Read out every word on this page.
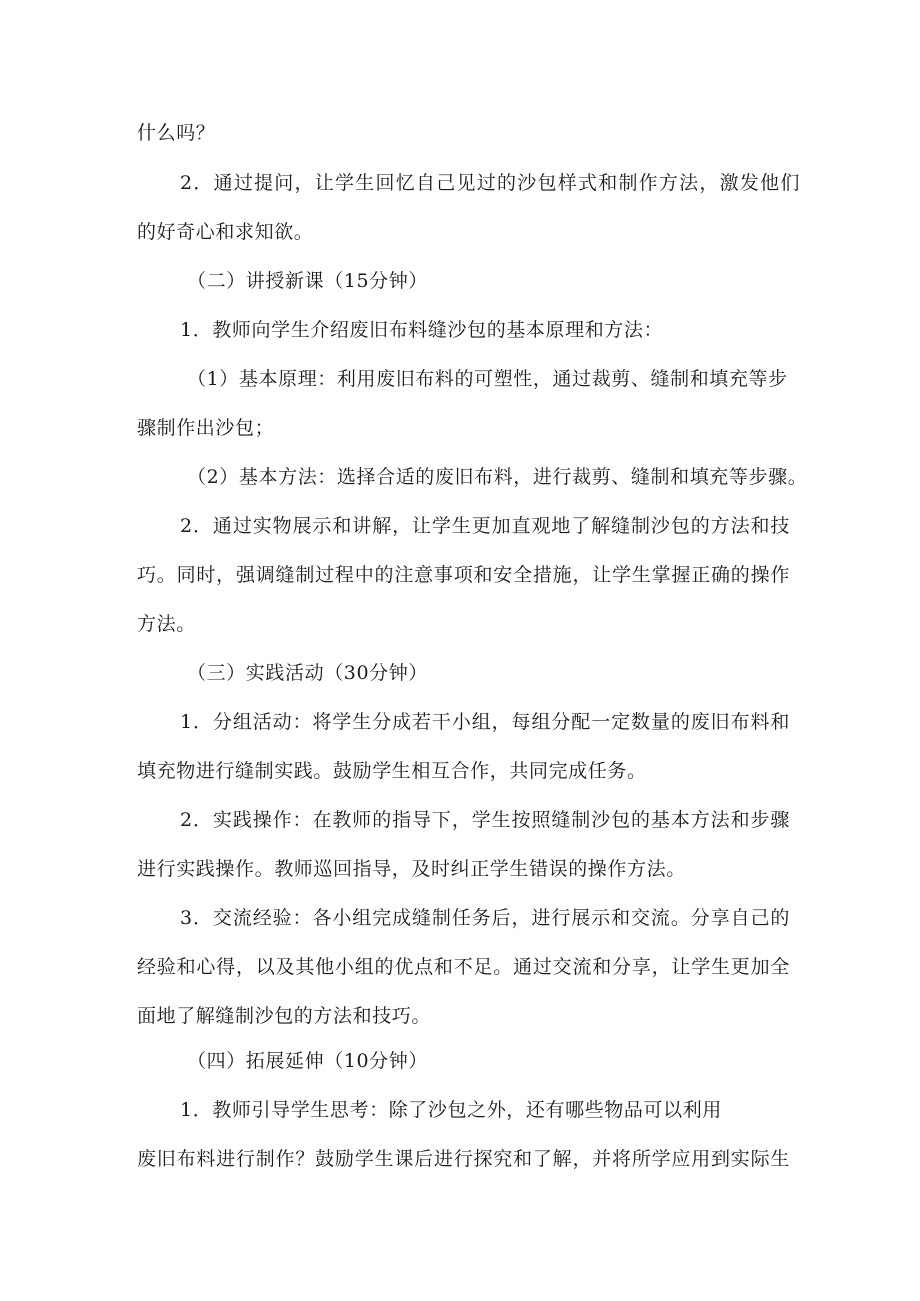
什么吗？
2．通过提问，让学生回忆自己见过的沙包样式和制作方法，激发他们
的好奇心和求知欲。
（二）讲授新课（15分钟）
1．教师向学生介绍废旧布料缝沙包的基本原理和方法：
（1）基本原理：利用废旧布料的可塑性，通过裁剪、缝制和填充等步
骤制作出沙包；
（2）基本方法：选择合适的废旧布料，进行裁剪、缝制和填充等步骤。
2．通过实物展示和讲解，让学生更加直观地了解缝制沙包的方法和技
巧。同时，强调缝制过程中的注意事项和安全措施，让学生掌握正确的操作
方法。
（三）实践活动（30分钟）
1．分组活动：将学生分成若干小组，每组分配一定数量的废旧布料和
填充物进行缝制实践。鼓励学生相互合作，共同完成任务。
2．实践操作：在教师的指导下，学生按照缝制沙包的基本方法和步骤
进行实践操作。教师巡回指导，及时纠正学生错误的操作方法。
3．交流经验：各小组完成缝制任务后，进行展示和交流。分享自己的
经验和心得，以及其他小组的优点和不足。通过交流和分享，让学生更加全
面地了解缝制沙包的方法和技巧。
（四）拓展延伸（10分钟）
1．教师引导学生思考：除了沙包之外，还有哪些物品可以利用
废旧布料进行制作？鼓励学生课后进行探究和了解，并将所学应用到实际生
